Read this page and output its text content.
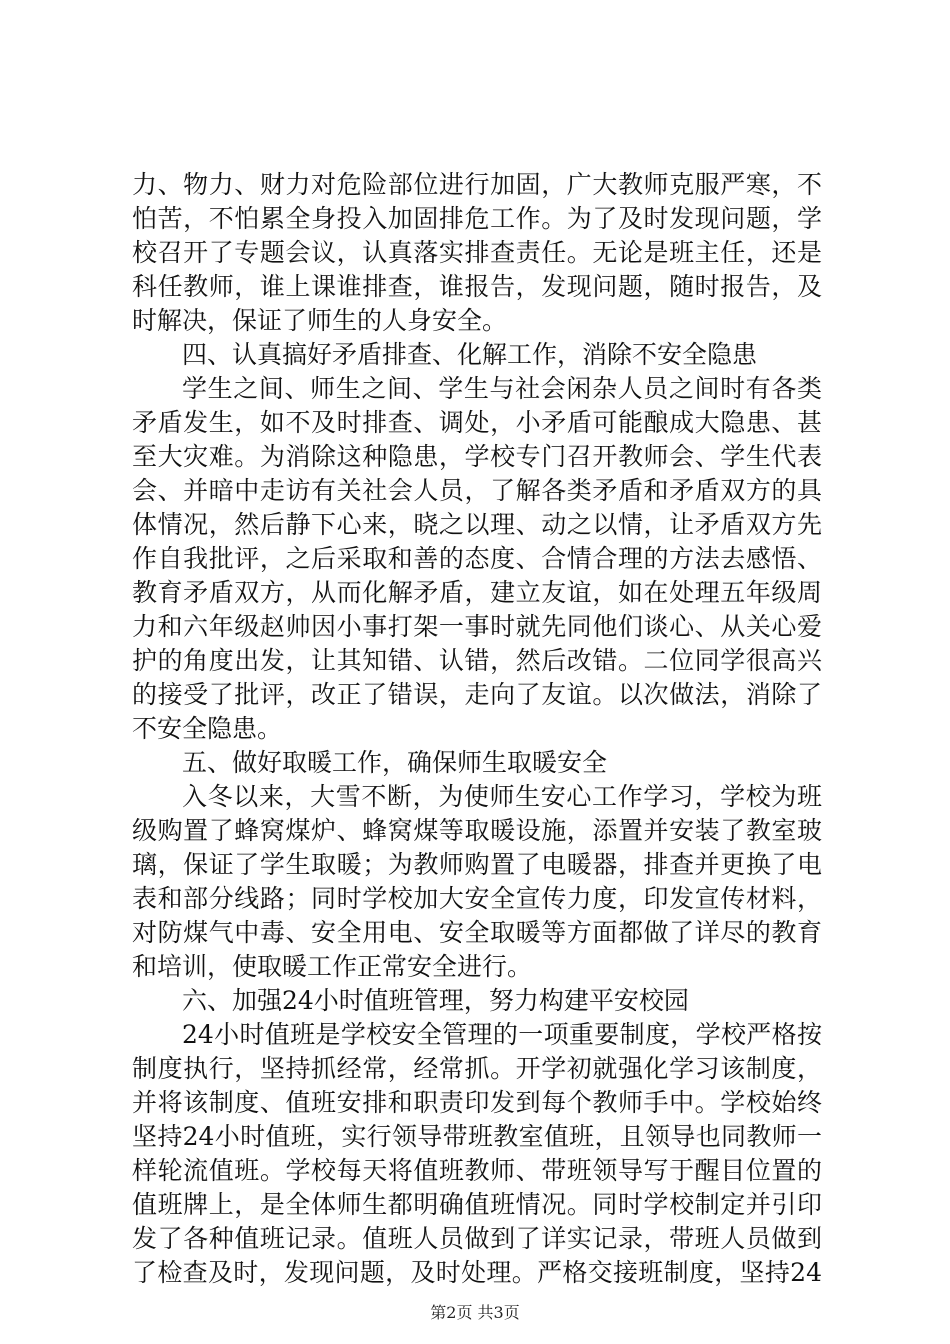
力、物力、财力对危险部位进行加固，广大教师克服严寒，不
怕苦，不怕累全身投入加固排危工作。为了及时发现问题，学
校召开了专题会议，认真落实排查责任。无论是班主任，还是
科任教师，谁上课谁排查，谁报告，发现问题，随时报告，及
时解决，保证了师生的人身安全。
四、认真搞好矛盾排查、化解工作，消除不安全隐患
学生之间、师生之间、学生与社会闲杂人员之间时有各类
矛盾发生，如不及时排查、调处，小矛盾可能酿成大隐患、甚
至大灾难。为消除这种隐患，学校专门召开教师会、学生代表
会、并暗中走访有关社会人员，了解各类矛盾和矛盾双方的具
体情况，然后静下心来，晓之以理、动之以情，让矛盾双方先
作自我批评，之后采取和善的态度、合情合理的方法去感悟、
教育矛盾双方，从而化解矛盾，建立友谊，如在处理五年级周
力和六年级赵帅因小事打架一事时就先同他们谈心、从关心爱
护的角度出发，让其知错、认错，然后改错。二位同学很高兴
的接受了批评，改正了错误，走向了友谊。以次做法，消除了
不安全隐患。
五、做好取暖工作，确保师生取暖安全
入冬以来，大雪不断，为使师生安心工作学习，学校为班
级购置了蜂窝煤炉、蜂窝煤等取暖设施，添置并安装了教室玻
璃，保证了学生取暖；为教师购置了电暖器，排查并更换了电
表和部分线路；同时学校加大安全宣传力度，印发宣传材料，
对防煤气中毒、安全用电、安全取暖等方面都做了详尽的教育
和培训，使取暖工作正常安全进行。
六、加强24小时值班管理，努力构建平安校园
24小时值班是学校安全管理的一项重要制度，学校严格按
制度执行，坚持抓经常，经常抓。开学初就强化学习该制度，
并将该制度、值班安排和职责印发到每个教师手中。学校始终
坚持24小时值班，实行领导带班教室值班，且领导也同教师一
样轮流值班。学校每天将值班教师、带班领导写于醒目位置的
值班牌上，是全体师生都明确值班情况。同时学校制定并引印
发了各种值班记录。值班人员做到了详实记录，带班人员做到
了检查及时，发现问题，及时处理。严格交接班制度，坚持24
第2页 共3页
